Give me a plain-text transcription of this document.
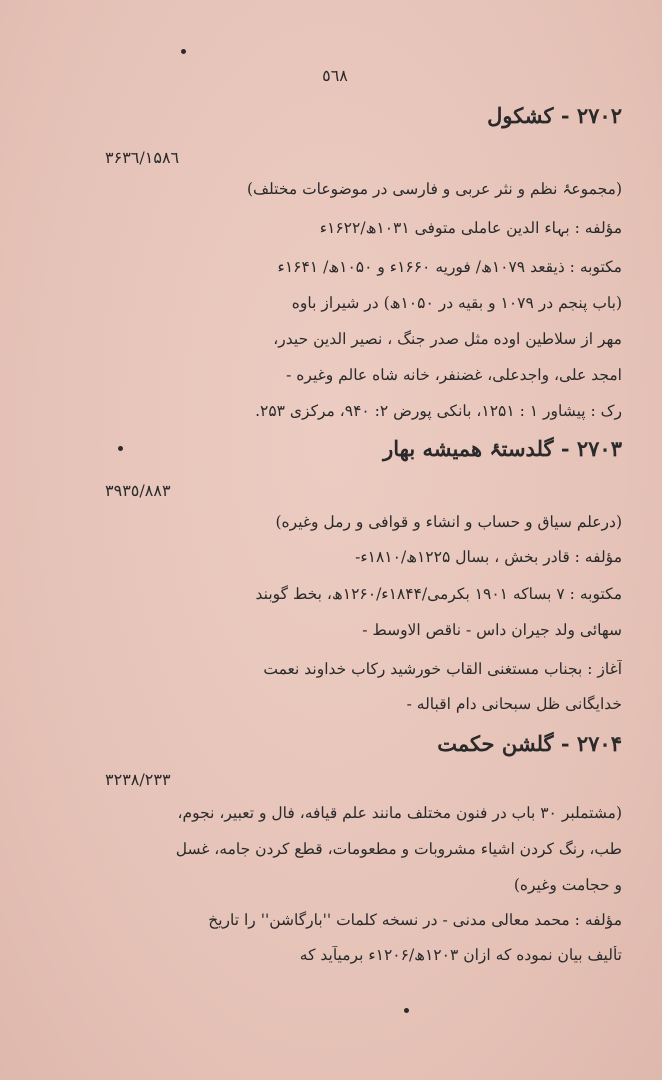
٥٦٨
۲۷۰۲ - کشکول
۳۶۳٦/۱۵۸٦
(مجموعۂ نظم و نثر عربی و فارسی در موضوعات مختلف)
مؤلفه : بہاء الدین عاملی متوفی ۱۰۳۱ھ/۱۶۲۲ء
مکتوبه : ذیقعد ۱۰۷۹ھ/ فوریه ۱۶۶۰ء و ۱۰۵۰ھ/ ۱۶۴۱ء
(باب پنجم در ۱۰۷۹ و بقیه در ۱۰۵۰ھ) در شیراز باوه
مهر از سلاطین اوده مثل صدر جنگ ، نصیر الدین حیدر،
امجد علی، واجدعلی، غضنفر، خانه شاه عالم وغیره -
رک : پیشاور ۱ : ۱۲۵۱، بانکی پورض ۲: ۹۴۰، مرکزی ۲۵۳.
۲۷۰۳ - گلدستۂ همیشه بهار
۳۹۳٥/۸۸۳
(درعلم سیاق و حساب و انشاء و قوافی و رمل وغیره)
مؤلفه : قادر بخش ، بسال ۱۲۲۵ھ/۱۸۱۰ء-
مکتوبه : ۷ بساکه ۱۹۰۱ بکرمی/۱۸۴۴ء/۱۲۶۰ھ، بخط گوبند
سهائی ولد جیران داس - ناقص الاوسط -
آغاز : بجناب مستغنی القاب خورشید رکاب خداوند نعمت
خدایگانی ظل سبحانی دام اقباله -
۲۷۰۴ - گلشن حکمت
۳۲۳۸/۲۳۳
(مشتملبر ۳۰ باب در فنون مختلف مانند علم قیافه، فال و تعبیر، نجوم،
طب، رنگ کردن اشیاء مشروبات و مطعومات، قطع کردن جامه، غسل
و حجامت وغیره)
مؤلفه : محمد معالی مدنی - در نسخه کلمات ''بارگاشن'' را تاریخ
تألیف بیان نموده که ازان ۱۲۰۳ھ/۱۲۰۶ء برمیآید که
